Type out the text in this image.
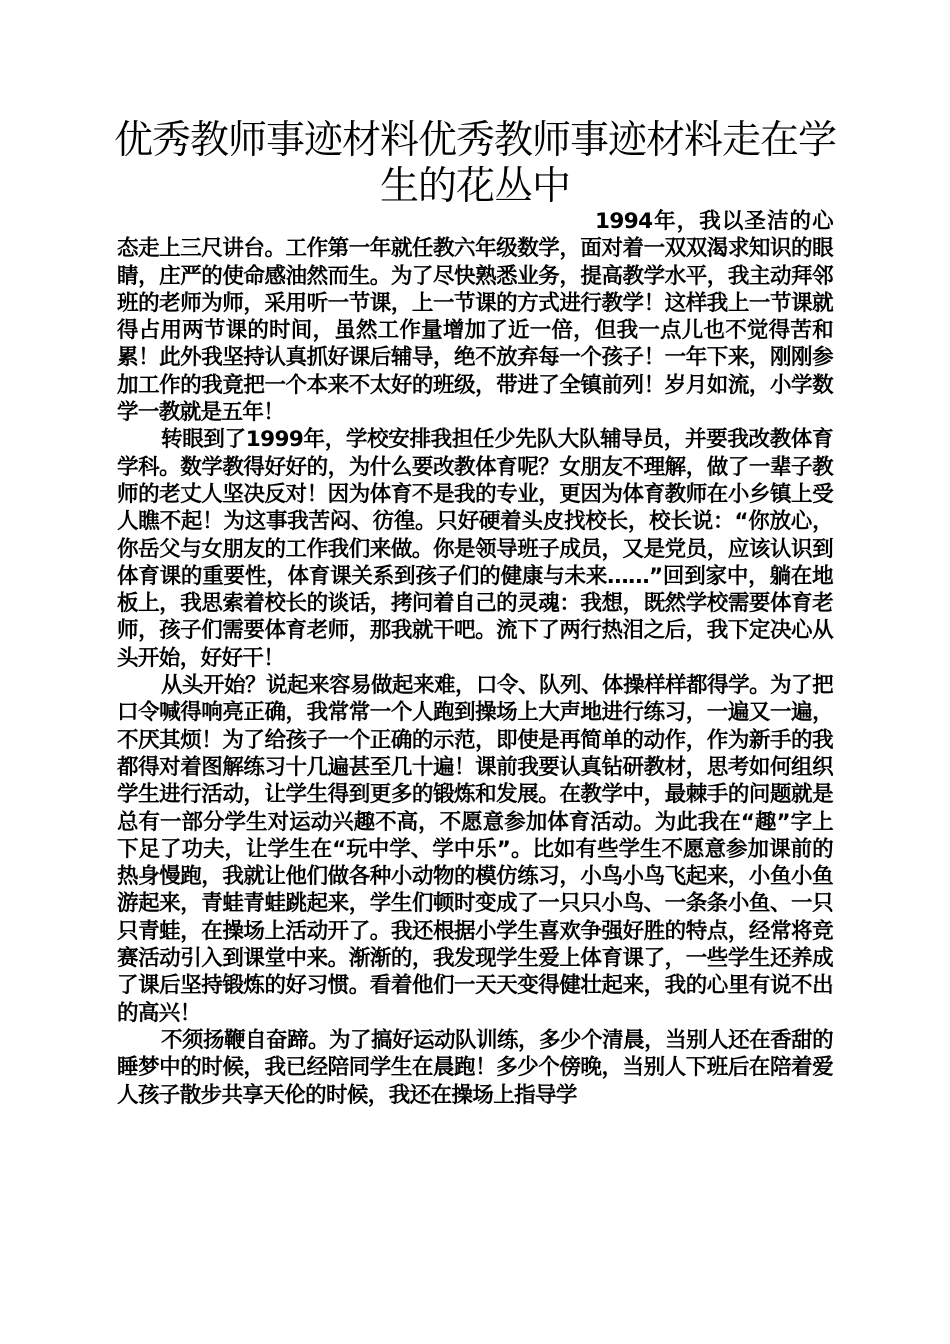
优秀教师事迹材料优秀教师事迹材料走在学生的花丛中

1994年，我以圣洁的心态走上三尺讲台。工作第一年就任教六年级数学，面对着一双双渴求知识的眼睛，庄严的使命感油然而生。为了尽快熟悉业务，提高教学水平，我主动拜邻班的老师为师，采用听一节课，上一节课的方式进行教学！这样我上一节课就得占用两节课的时间，虽然工作量增加了近一倍，但我一点儿也不觉得苦和累！此外我坚持认真抓好课后辅导，绝不放弃每一个孩子！一年下来，刚刚参加工作的我竟把一个本来不太好的班级，带进了全镇前列！岁月如流，小学数学一教就是五年！

转眼到了1999年，学校安排我担任少先队大队辅导员，并要我改教体育学科。数学教得好好的，为什么要改教体育呢？女朋友不理解，做了一辈子教师的老丈人坚决反对！因为体育不是我的专业，更因为体育教师在小乡镇上受人瞧不起！为这事我苦闷、彷徨。只好硬着头皮找校长，校长说：“你放心，你岳父与女朋友的工作我们来做。你是领导班子成员，又是党员，应该认识到体育课的重要性，体育课关系到孩子们的健康与未来……”回到家中，躺在地板上，我思索着校长的谈话，拷问着自己的灵魂：我想，既然学校需要体育老师，孩子们需要体育老师，那我就干吧。流下了两行热泪之后，我下定决心从头开始，好好干！

从头开始？说起来容易做起来难，口令、队列、体操样样都得学。为了把口令喊得响亮正确，我常常一个人跑到操场上大声地进行练习，一遍又一遍，不厌其烦！为了给孩子一个正确的示范，即使是再简单的动作，作为新手的我都得对着图解练习十几遍甚至几十遍！课前我要认真钻研教材，思考如何组织学生进行活动，让学生得到更多的锻炼和发展。在教学中，最棘手的问题就是总有一部分学生对运动兴趣不高，不愿意参加体育活动。为此我在“趣”字上下足了功夫，让学生在“玩中学、学中乐”。比如有些学生不愿意参加课前的热身慢跑，我就让他们做各种小动物的模仿练习，小鸟小鸟飞起来，小鱼小鱼游起来，青蛙青蛙跳起来，学生们顿时变成了一只只小鸟、一条条小鱼、一只只青蛙，在操场上活动开了。我还根据小学生喜欢争强好胜的特点，经常将竞赛活动引入到课堂中来。渐渐的，我发现学生爱上体育课了，一些学生还养成了课后坚持锻炼的好习惯。看着他们一天天变得健壮起来，我的心里有说不出的高兴！

不须扬鞭自奋蹄。为了搞好运动队训练，多少个清晨，当别人还在香甜的睡梦中的时候，我已经陪同学生在晨跑！多少个傍晚，当别人下班后在陪着爱人孩子散步共享天伦的时候，我还在操场上指导学
